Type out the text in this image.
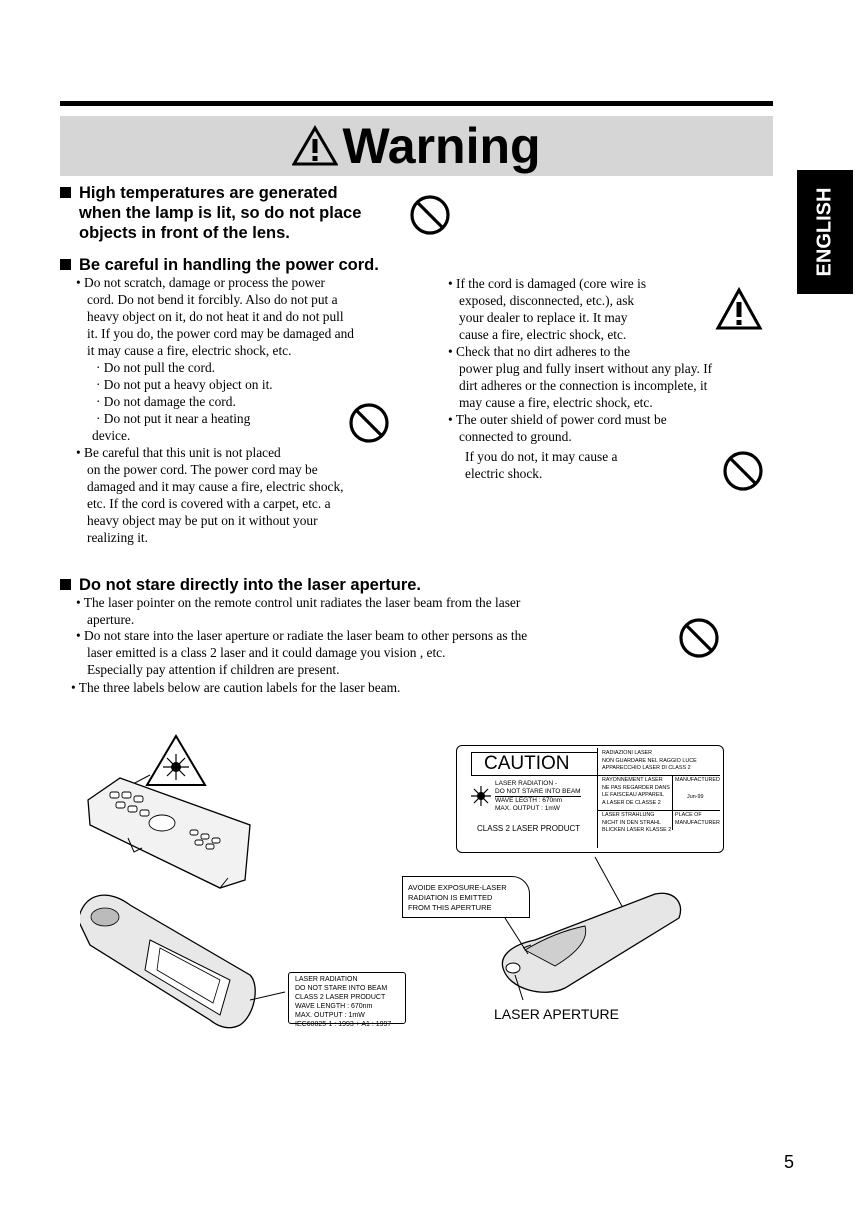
Warning
ENGLISH
High temperatures are generated
when the lamp is lit, so do not place
objects in front of the lens.
Be careful in handling the power cord.
• Do not scratch, damage or process the power
cord. Do not bend it forcibly. Also do not put a
heavy object on it, do not heat it and do not pull
it. If you do, the power cord may be damaged and
it may cause a fire, electric shock, etc.
· Do not pull the cord.
· Do not put a heavy object on it.
· Do not damage the cord.
· Do not put it near a heating
device.
• Be careful that this unit is not placed
on the power cord. The power cord may be
damaged and it may cause a fire, electric shock,
etc. If the cord is covered with a carpet, etc. a
heavy object may be put on it without your
realizing it.
• If the cord is damaged (core wire is
exposed, disconnected, etc.), ask
your dealer to replace it. It may
cause a fire, electric shock, etc.
• Check that no dirt adheres to the
power plug and fully insert without any play. If
dirt adheres or the connection is incomplete, it
may cause a fire, electric shock, etc.
• The outer shield of power cord must be
connected to ground.
If you do not, it may cause a
electric shock.
Do not stare directly into the laser aperture.
• The laser pointer on the remote control unit radiates the laser beam from the laser
aperture.
• Do not stare into the laser aperture or radiate the laser beam to other persons as the
laser emitted is a class 2 laser and it could damage you vision , etc.
Especially pay attention if children are present.
• The three labels below are caution labels for the laser beam.
LASER RADIATION
DO NOT STARE INTO BEAM
CLASS 2 LASER PRODUCT
WAVE LENGTH : 670nm
MAX. OUTPUT : 1mW
IEC60825-1 : 1993 + A1 : 1997
CAUTION
LASER RADIATION -
DO NOT STARE INTO BEAM
WAVE LEGTH : 670nm
MAX. OUTPUT : 1mW
CLASS 2 LASER PRODUCT
RADIAZIONI LASER
NON GUARDARE NEL RAGGIO LUCE
APPARECCHIO LASER DI CLASS 2
RAYONNEMENT LASER
NE PAS REGARDER DANS
LE FAISCEAU APPAREIL
A LASER DE CLASSE 2
LASER STRAHLUNG
NICHT IN DEN STRAHL
BLICKEN LASER KLASSE 2
MANUFACTURED
Jun-99
PLACE OF
MANUFACTURER
AVOIDE EXPOSURE-LASER
RADIATION IS EMITTED
FROM THIS APERTURE
LASER APERTURE
5
